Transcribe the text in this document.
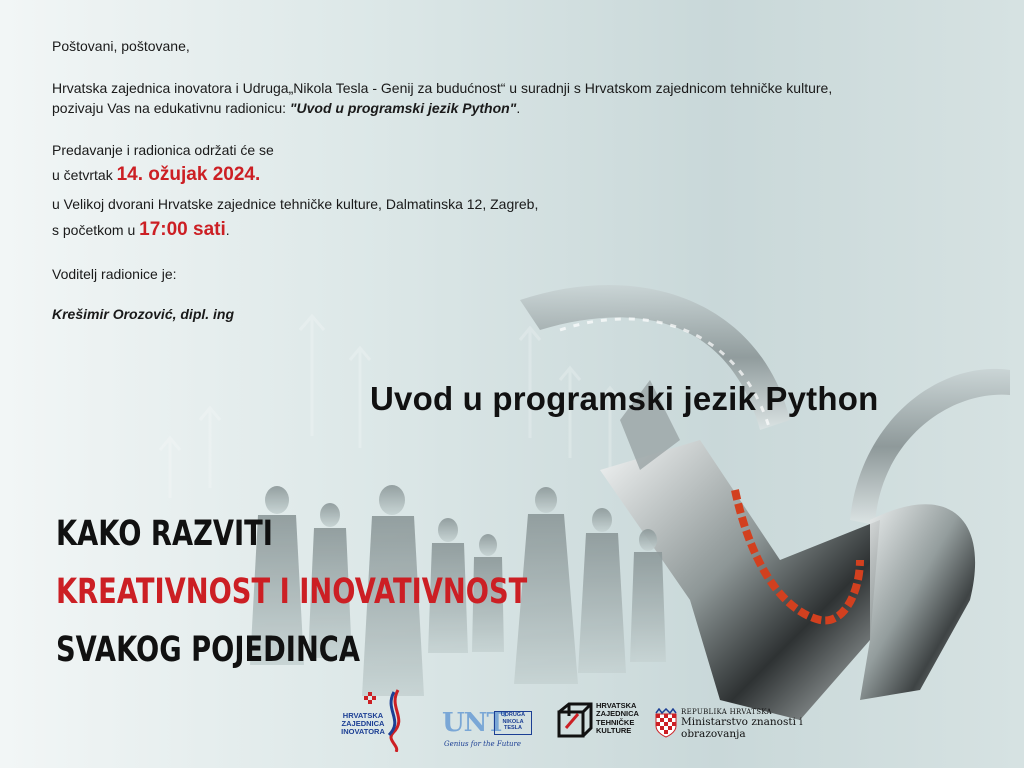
Poštovani, poštovane,

Hrvatska zajednica inovatora i Udruga„Nikola Tesla - Genij za budućnost“ u suradnji s Hrvatskom zajednicom tehničke kulture,

pozivaju Vas na edukativnu radionicu: "Uvod u programski jezik Python".

Predavanje i radionica održati će se

u četvrtak 14. ožujak 2024.

u Velikoj dvorani Hrvatske zajednice tehničke kulture, Dalmatinska 12, Zagreb,

s početkom u 17:00 sati.

Voditelj radionice je:

Krešimir Orozović, dipl. ing

Uvod u programski jezik Python
KAKO RAZVITI
KREATIVNOST I INOVATIVNOST
SVAKOG POJEDINCA
HRVATSKA
ZAJEDNICA
INOVATORA UNT
UDRUGA
NIKOLA
TESLA
Genius for the Future
HRVATSKA
ZAJEDNICA
TEHNIČKE
KULTURE
REPUBLIKA HRVATSKA
Ministarstvo znanosti i
obrazovanja
